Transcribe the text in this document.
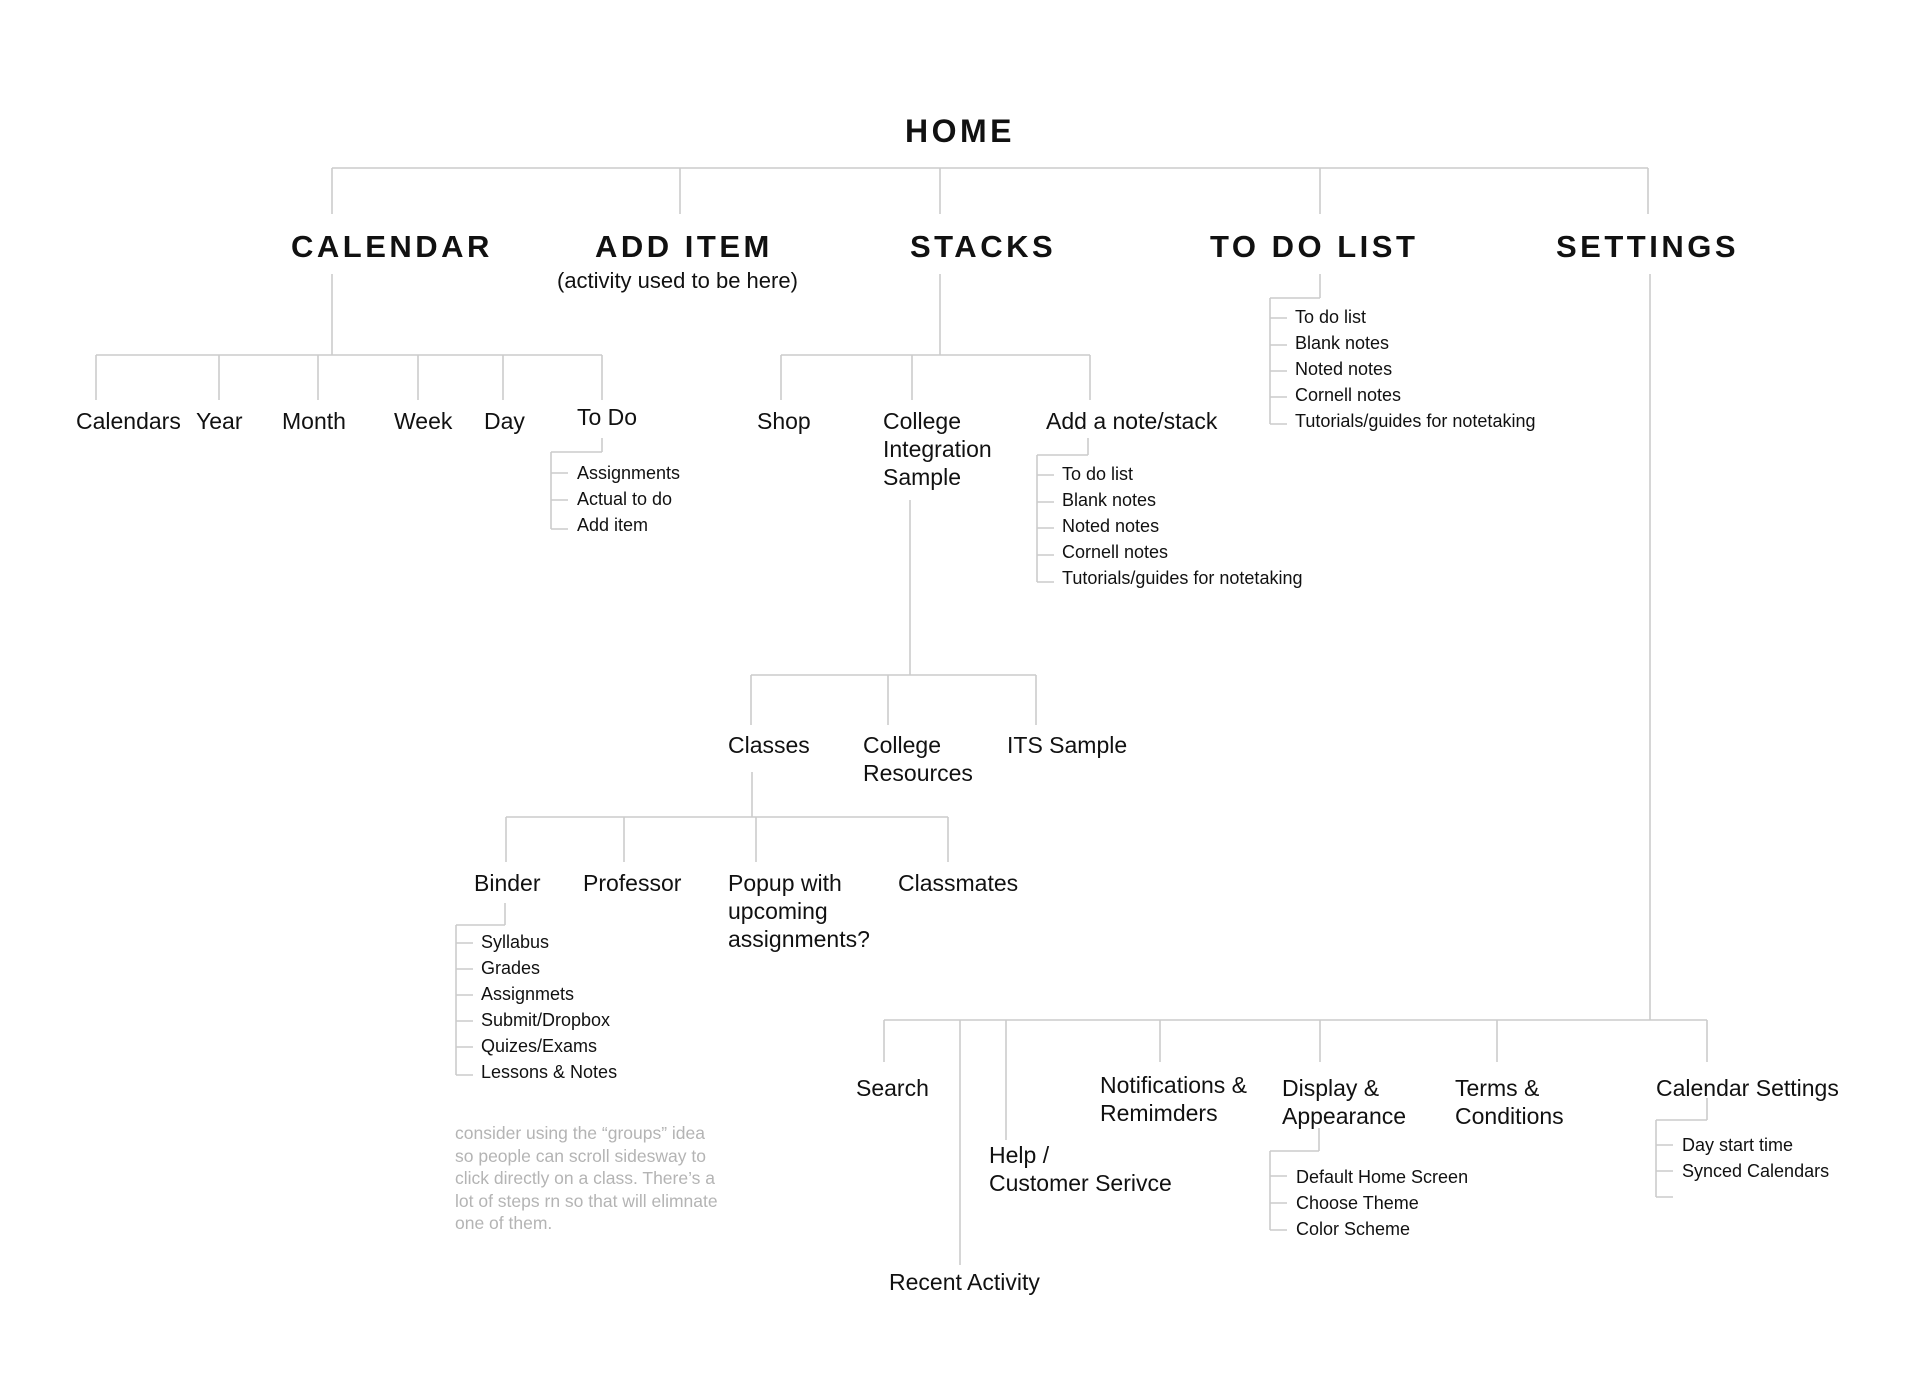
HOME
CALENDAR	ADD ITEM
(activity used to be here)
STACKS	TO DO LIST	SETTINGS
To do list
Blank notes
Noted notes
Cornell notes
Tutorials/guides for notetaking
Calendars Year Month Week Day To Do
Assignments
Actual to do
Add item
Shop	College
Integration
Sample
Add a note/stack
To do list
Blank notes
Noted notes
Cornell notes
Tutorials/guides for notetaking
Classes College
Resources
ITS Sample
Binder Professor Popup with
upcoming
assignments?
Classmates
Syllabus
Grades
Assignmets
Submit/Dropbox
Quizes/Exams
Lessons & Notes
consider using the “groups” idea
so people can scroll sidesway to
click directly on a class. There’s a
lot of steps rn so that will elimnate
one of them.
Search
Recent Activity
Help /
Customer Serivce
Notifications &
Remimders
Display &
Appearance
Terms &
Conditions
Calendar Settings
Default Home Screen
Choose Theme
Color Scheme
Day start time
Synced Calendars
